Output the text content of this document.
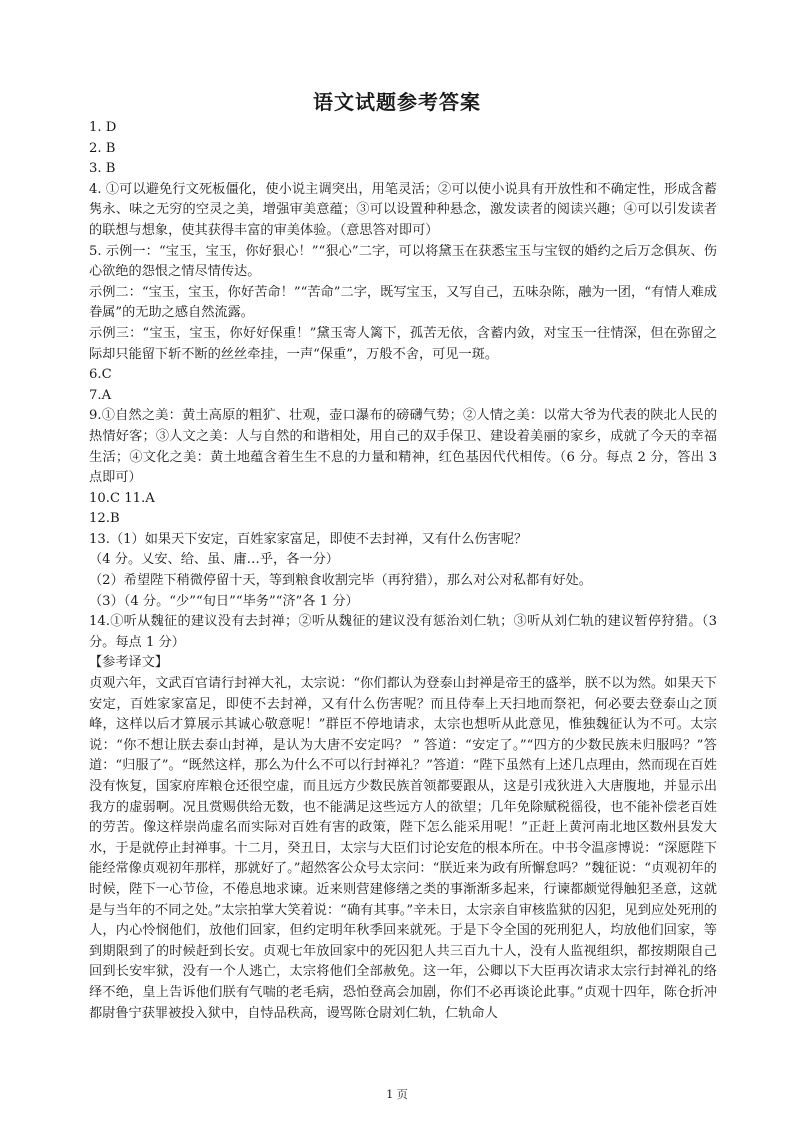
语文试题参考答案
1. D
2. B
3. B
4. ①可以避免行文死板僵化，使小说主调突出，用笔灵活；②可以使小说具有开放性和不确定性，形成含蓄隽永、味之无穷的空灵之美，增强审美意蕴；③可以设置种种悬念，激发读者的阅读兴趣；④可以引发读者的联想与想象，使其获得丰富的审美体验。（意思答对即可）
5. 示例一：“宝玉，宝玉，你好狠心！”“狠心”二字，可以将黛玉在获悉宝玉与宝钗的婚约之后万念俱灰、伤心欲绝的怨恨之情尽情传达。
示例二：“宝玉，宝玉，你好苦命！”“苦命”二字，既写宝玉，又写自己，五味杂陈，融为一团，“有情人难成眷属”的无助之感自然流露。
示例三：“宝玉，宝玉，你好好保重！”黛玉寄人篱下，孤苦无依，含蓄内敛，对宝玉一往情深，但在弥留之际却只能留下斩不断的丝丝牵挂，一声“保重”，万般不舍，可见一斑。
6.C
7.A
9.①自然之美：黄土高原的粗犷、壮观，壶口瀑布的磅礴气势；②人情之美：以常大爷为代表的陕北人民的热情好客；③人文之美：人与自然的和谐相处，用自己的双手保卫、建设着美丽的家乡，成就了今天的幸福生活；④文化之美：黄土地蕴含着生生不息的力量和精神，红色基因代代相传。（6 分。每点 2 分，答出 3 点即可）
10.C 11.A
12.B
13.（1）如果天下安定，百姓家家富足，即使不去封禅，又有什么伤害呢？
（4 分。乂安、给、虽、庸…乎，各一分）
（2）希望陛下稍微停留十天，等到粮食收割完毕（再狩猎），那么对公对私都有好处。
（3）（4 分。“少”“旬日”“毕务”“济”各 1 分）
14.①听从魏征的建议没有去封禅；②听从魏征的建议没有惩治刘仁轨；③听从刘仁轨的建议暂停狩猎。（3 分。每点 1 分）
【参考译文】

贞观六年，文武百官请行封禅大礼，太宗说：“你们都认为登泰山封禅是帝王的盛举，朕不以为然。如果天下安定，百姓家家富足，即使不去封禅，又有什么伤害呢？而且侍奉上天扫地而祭祀，何必要去登泰山之顶峰，这样以后才算展示其诚心敬意呢！”群臣不停地请求，太宗也想听从此意见，惟独魏征认为不可。太宗说：“你不想让朕去泰山封禅，是认为大唐不安定吗？ ” 答道：“安定了。”“四方的少数民族未归服吗？”答道：“归服了”。“既然这样，那么为什么不可以行封禅礼？”答道：“陛下虽然有上述几点理由，然而现在百姓没有恢复，国家府库粮仓还很空虚，而且远方少数民族首领都要跟从，这是引戎狄进入大唐腹地，并显示出我方的虚弱啊。况且赏赐供给无数，也不能满足这些远方人的欲望；几年免除赋税徭役，也不能补偿老百姓的劳苦。像这样崇尚虚名而实际对百姓有害的政策，陛下怎么能采用呢！”正赶上黄河南北地区数州县发大水，于是就停止封禅事。十二月，癸丑日，太宗与大臣们讨论安危的根本所在。中书令温彦博说：“深愿陛下能经常像贞观初年那样，那就好了。”超然客公众号太宗问：“朕近来为政有所懈怠吗？”魏征说：“贞观初年的时候，陛下一心节俭，不倦息地求谏。近来则营建修缮之类的事渐渐多起来，行谏都颇觉得触犯圣意，这就是与当年的不同之处。”太宗拍掌大笑着说：“确有其事。”辛未日，太宗亲自审核监狱的囚犯，见到应处死刑的人，内心怜悯他们，放他们回家，但约定明年秋季回来就死。于是下令全国的死刑犯人，均放他们回家，等到期限到了的时候赶到长安。贞观七年放回家中的死囚犯人共三百九十人，没有人监视组织，都按期限自己回到长安牢狱，没有一个人逃亡，太宗将他们全部赦免。这一年，公卿以下大臣再次请求太宗行封禅礼的络绎不绝，皇上告诉他们朕有气喘的老毛病，恐怕登高会加剧，你们不必再谈论此事。”贞观十四年，陈仓折冲都尉鲁宁获罪被投入狱中，自恃品秩高，谩骂陈仓尉刘仁轨，仁轨命人

1 页
